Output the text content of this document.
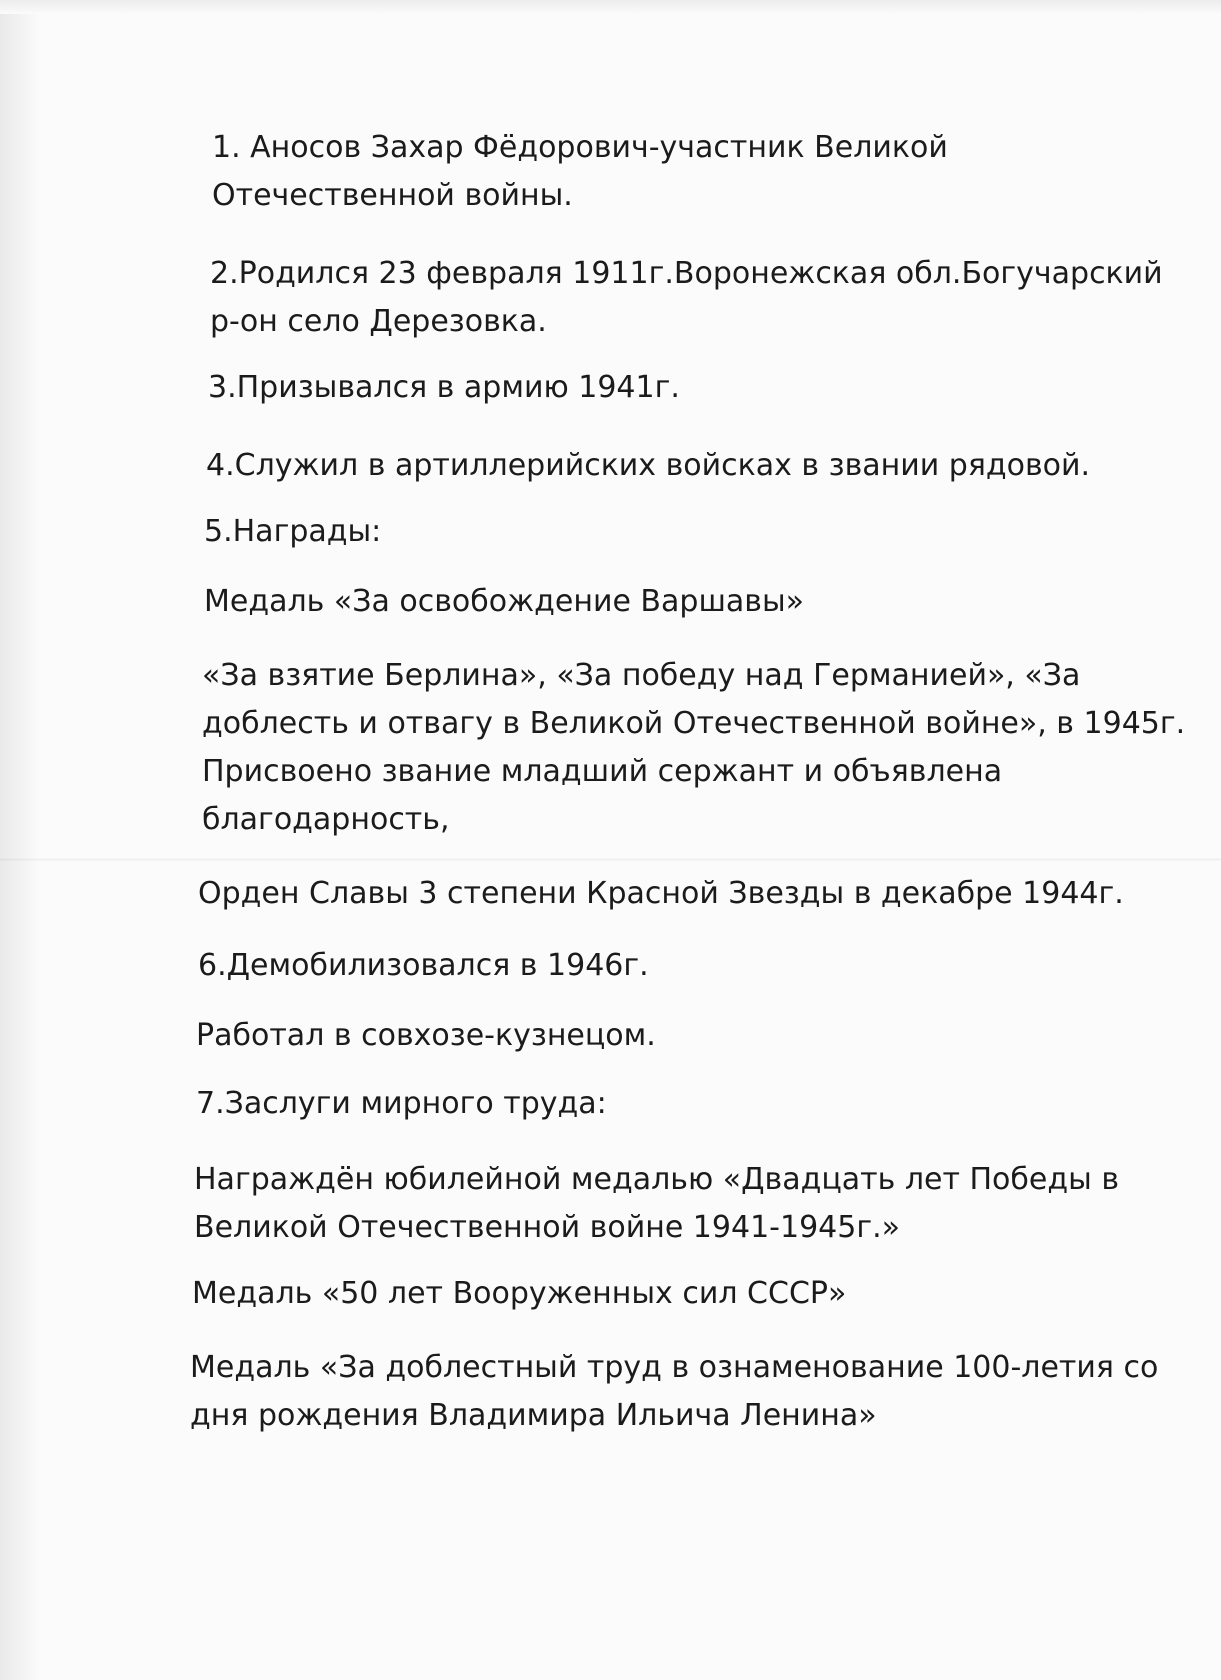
1. Аносов Захар Фёдорович-участник Великой
Отечественной войны.

2.Родился 23 февраля 1911г.Воронежская обл.Богучарский
р-он село Дерезовка.

3.Призывался в армию 1941г.

4.Служил в артиллерийских войсках в звании рядовой.

5.Награды:

Медаль «За освобождение Варшавы»

«За взятие Берлина», «За победу над Германией», «За
доблесть и отвагу в Великой Отечественной войне», в 1945г.
Присвоено звание младший сержант и объявлена
благодарность,

Орден Славы 3 степени Красной Звезды в декабре 1944г.

6.Демобилизовался в 1946г.

Работал в совхозе-кузнецом.

7.Заслуги мирного труда:

Награждён юбилейной медалью «Двадцать лет Победы в
Великой Отечественной войне 1941-1945г.»

Медаль «50 лет Вооруженных сил СССР»

Медаль «За доблестный труд в ознаменование 100-летия со
дня рождения Владимира Ильича Ленина»
